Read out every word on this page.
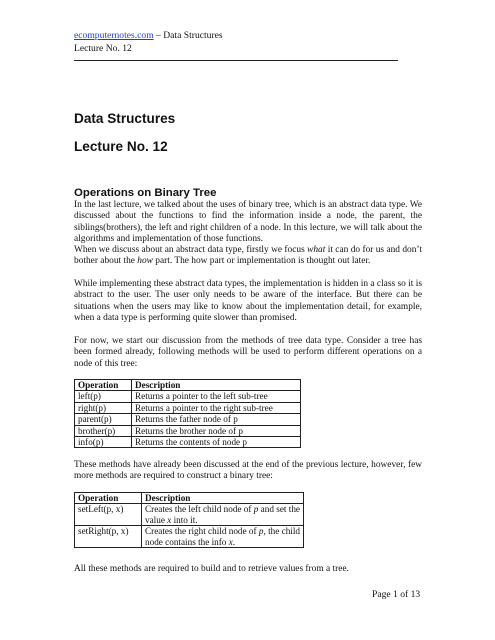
ecomputernotes.com – Data Structures
Lecture No. 12
Data Structures
Lecture No. 12
Operations on Binary Tree

In the last lecture, we talked about the uses of binary tree, which is an abstract data type. We discussed about the functions to find the information inside a node, the parent, the siblings(brothers), the left and right children of a node. In this lecture, we will talk about the algorithms and implementation of those functions.

When we discuss about an abstract data type, firstly we focus what it can do for us and don’t bother about the how part. The how part or implementation is thought out later.

While implementing these abstract data types, the implementation is hidden in a class so it is abstract to the user. The user only needs to be aware of the interface. But there can be situations when the users may like to know about the implementation detail, for example, when a data type is performing quite slower than promised.
For now, we start our discussion from the methods of tree data type. Consider a tree has been formed already, following methods will be used to perform different operations on a node of this tree:
Operation	Description
left(p)	Returns a pointer to the left sub-tree
right(p)	Returns a pointer to the right sub-tree
parent(p)	Returns the father node of p
brother(p)	Returns the brother node of p
info(p)	Returns the contents of node p
These methods have already been discussed at the end of the previous lecture, however, few more methods are required to construct a binary tree:
Operation	Description
setLeft(p, x)	Creates the left child node of p and set the value x into it.
setRight(p, x)	Creates the right child node of p, the child node contains the info x.
All these methods are required to build and to retrieve values from a tree.
Page 1 of 13
